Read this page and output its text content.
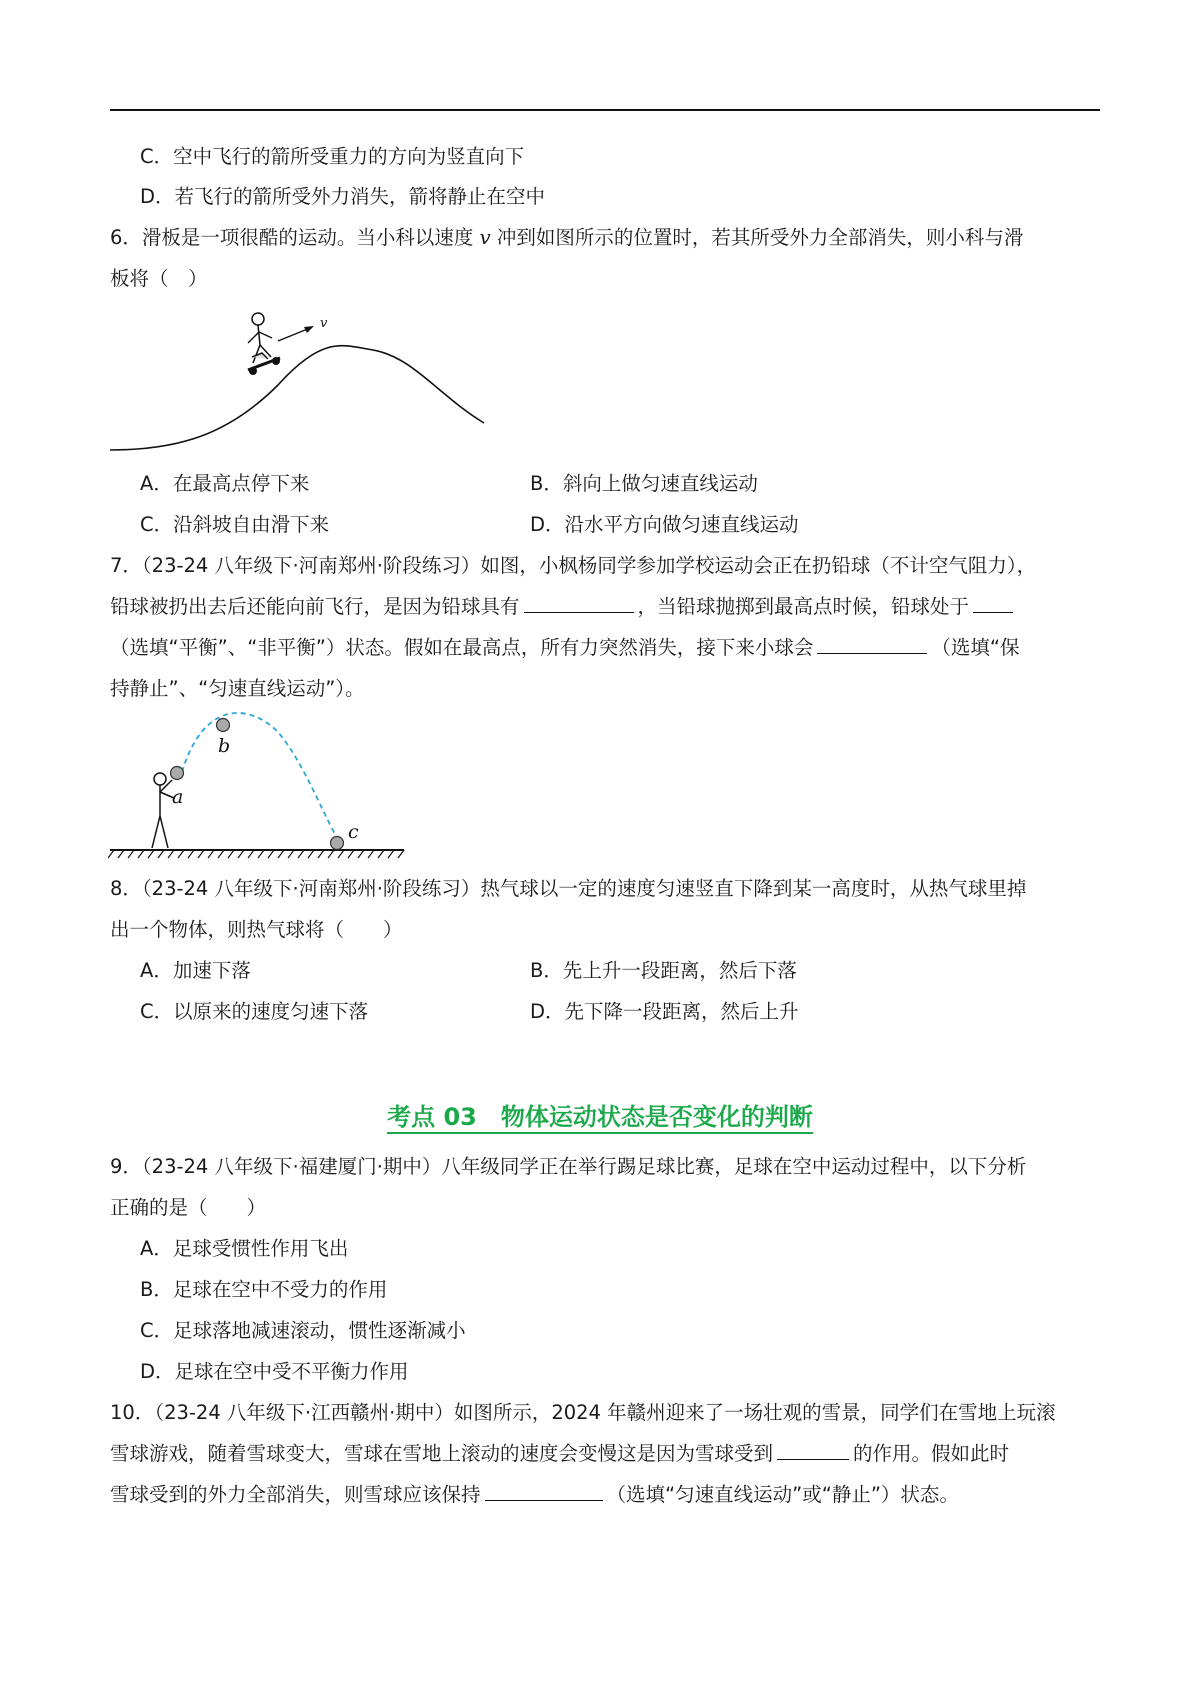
C．空中飞行的箭所受重力的方向为竖直向下
D．若飞行的箭所受外力消失，箭将静止在空中
6．滑板是一项很酷的运动。当小科以速度 v 冲到如图所示的位置时，若其所受外力全部消失，则小科与滑
板将（　）
v
A．在最高点停下来	B．斜向上做匀速直线运动
C．沿斜坡自由滑下来	D．沿水平方向做匀速直线运动
7．（23-24 八年级下·河南郑州·阶段练习）如图，小枫杨同学参加学校运动会正在扔铅球（不计空气阻力），
铅球被扔出去后还能向前飞行，是因为铅球具有	，当铅球抛掷到最高点时候，铅球处于
（选填“平衡”、“非平衡”）状态。假如在最高点，所有力突然消失，接下来小球会	（选填“保
持静止”、“匀速直线运动”）。
a
b
c
8．（23-24 八年级下·河南郑州·阶段练习）热气球以一定的速度匀速竖直下降到某一高度时，从热气球里掉
出一个物体，则热气球将（　　）
A．加速下落	B．先上升一段距离，然后下落
C．以原来的速度匀速下落	D．先下降一段距离，然后上升
考点 03　物体运动状态是否变化的判断
9．（23-24 八年级下·福建厦门·期中）八年级同学正在举行踢足球比赛，足球在空中运动过程中，以下分析
正确的是（　　）
A．足球受惯性作用飞出
B．足球在空中不受力的作用
C．足球落地减速滚动，惯性逐渐减小
D．足球在空中受不平衡力作用
10．（23-24 八年级下·江西赣州·期中）如图所示，2024 年赣州迎来了一场壮观的雪景，同学们在雪地上玩滚
雪球游戏，随着雪球变大，雪球在雪地上滚动的速度会变慢这是因为雪球受到	的作用。假如此时
雪球受到的外力全部消失，则雪球应该保持	（选填“匀速直线运动”或“静止”）状态。
